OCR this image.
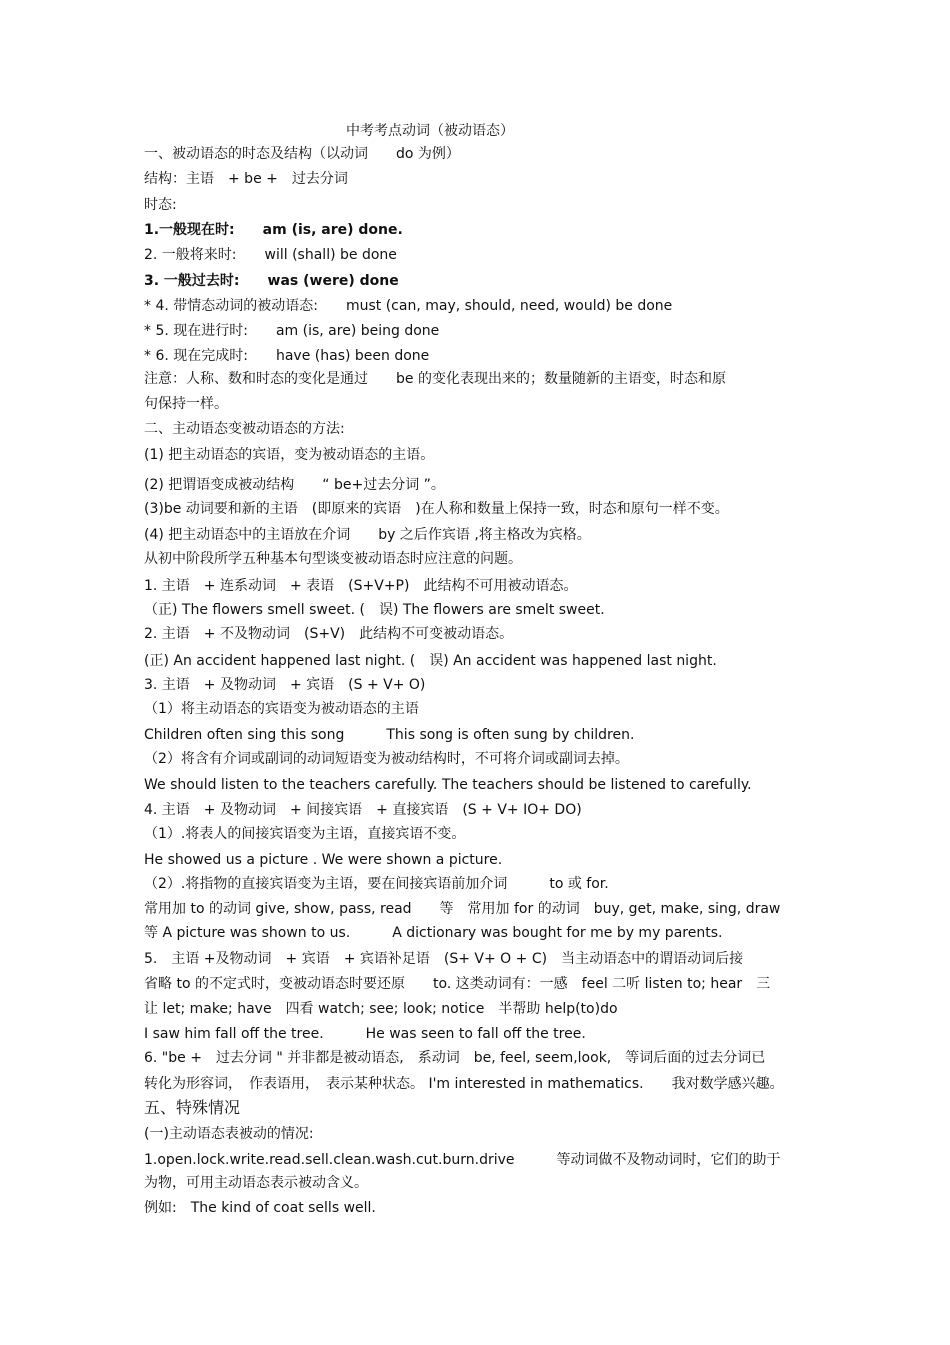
中考考点动词（被动语态）
一、被动语态的时态及结构（以动词　　do 为例）
结构：主语　+ be +　过去分词
时态:
1.一般现在时:　　am (is, are) done.
2. 一般将来时:　　will (shall) be done
3. 一般过去时:　　was (were) done
* 4. 带情态动词的被动语态:　　must (can, may, should, need, would) be done
* 5. 现在进行时:　　am (is, are) being done
* 6. 现在完成时:　　have (has) been done
注意：人称、数和时态的变化是通过　　be 的变化表现出来的；数量随新的主语变，时态和原
句保持一样。
二、主动语态变被动语态的方法:
(1) 把主动语态的宾语，变为被动语态的主语。
(2) 把谓语变成被动结构　　“ be+过去分词 ”。
(3)be 动词要和新的主语　(即原来的宾语　)在人称和数量上保持一致，时态和原句一样不变。
(4) 把主动语态中的主语放在介词　　by 之后作宾语 ,将主格改为宾格。
从初中阶段所学五种基本句型谈变被动语态时应注意的问题。
1. 主语　+ 连系动词　+ 表语　(S+V+P)　此结构不可用被动语态。
（正) The flowers smell sweet. (　误) The flowers are smelt sweet.
2. 主语　+ 不及物动词　(S+V)　此结构不可变被动语态。
(正) An accident happened last night. (　误) An accident was happened last night.
3. 主语　+ 及物动词　+ 宾语　(S + V+ O)
（1）将主动语态的宾语变为被动语态的主语
Children often sing this song　　　This song is often sung by children.
（2）将含有介词或副词的动词短语变为被动结构时，不可将介词或副词去掉。
We should listen to the teachers carefully. The teachers should be listened to carefully.
4. 主语　+ 及物动词　+ 间接宾语　+ 直接宾语　(S + V+ IO+ DO)
（1）.将表人的间接宾语变为主语，直接宾语不变。
He showed us a picture . We were shown a picture.
（2）.将指物的直接宾语变为主语，要在间接宾语前加介词　　　to 或 for.
常用加 to 的动词 give, show, pass, read　　等　常用加 for 的动词　buy, get, make, sing, draw
等 A picture was shown to us.　　　A dictionary was bought for me by my parents.
5.　主语 +及物动词　+ 宾语　+ 宾语补足语　(S+ V+ O + C)　当主动语态中的谓语动词后接
省略 to 的不定式时，变被动语态时要还原　　to. 这类动词有：一感　feel 二听 listen to; hear　三
让 let; make; have　四看 watch; see; look; notice　半帮助 help(to)do
I saw him fall off the tree.　　　He was seen to fall off the tree.
6. "be +　过去分词 " 并非都是被动语态,　系动词　be, feel, seem,look,　等词后面的过去分词已
转化为形容词，　作表语用，　表示某种状态。 I'm interested in mathematics.　　我对数学感兴趣。
五、特殊情况
(一)主动语态表被动的情况:
1.open.lock.write.read.sell.clean.wash.cut.burn.drive　　　等动词做不及物动词时，它们的助于
为物，可用主动语态表示被动含义。
例如:　The kind of coat sells well.
